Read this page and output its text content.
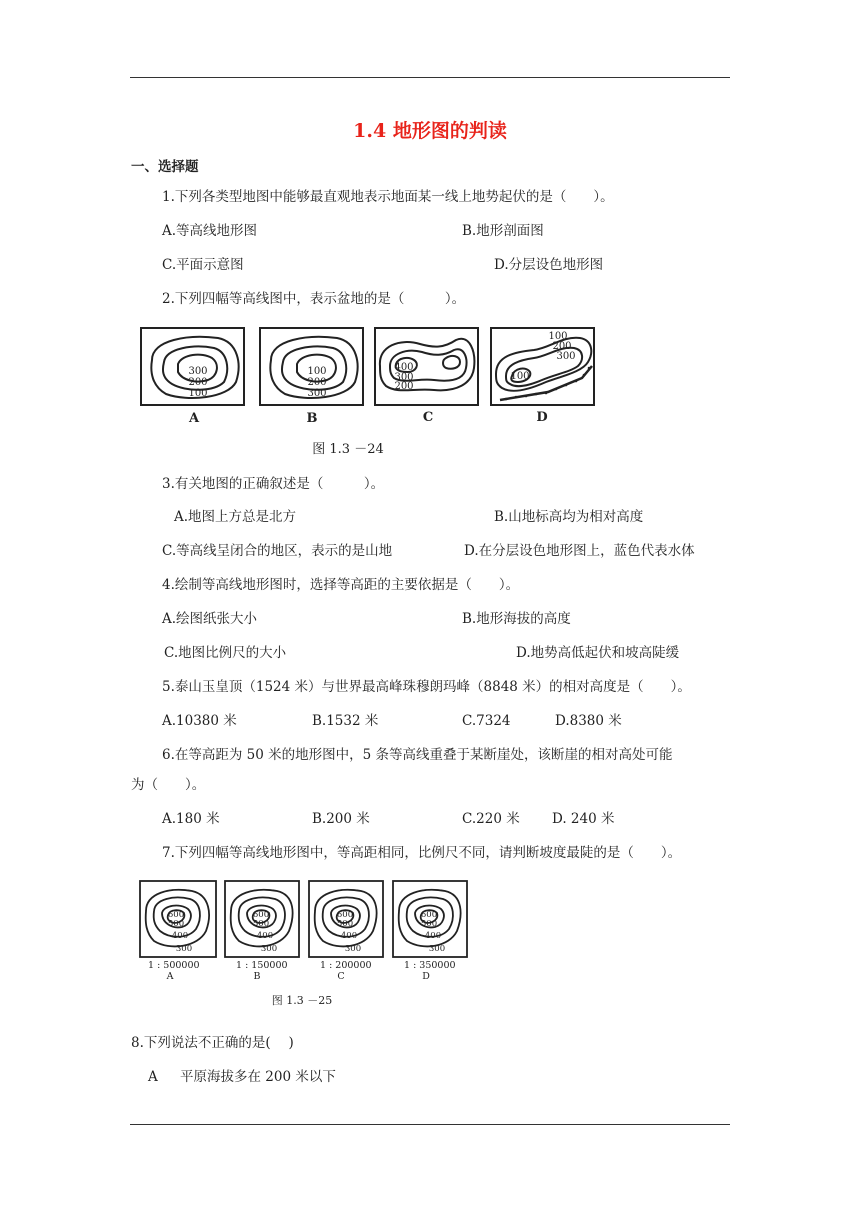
1.4 地形图的判读
一、选择题
1.下列各类型地图中能够最直观地表示地面某一线上地势起伏的是（　　）。
A.等高线地形图	B.地形剖面图
C.平面示意图	D.分层设色地形图
2.下列四幅等高线图中，表示盆地的是（　　　）。
300
200
100
100
200
300
400
300
200
100
200
300
100
A	B	C	D
图 1.3 －24
3.有关地图的正确叙述是（　　　）。
A.地图上方总是北方	B.山地标高均为相对高度
C.等高线呈闭合的地区，表示的是山地	D.在分层设色地形图上，蓝色代表水体
4.绘制等高线地形图时，选择等高距的主要依据是（　　）。
A.绘图纸张大小	B.地形海拔的高度
C.地图比例尺的大小	D.地势高低起伏和坡高陡缓
5.泰山玉皇顶（1524 米）与世界最高峰珠穆朗玛峰（8848 米）的相对高度是（　　）。
A.10380 米	B.1532 米	C.7324	D.8380 米
6.在等高距为 50 米的地形图中，5 条等高线重叠于某断崖处，该断崖的相对高处可能
为（　　）。
A.180 米	B.200 米	C.220 米 D. 240 米
7.下列四幅等高线地形图中，等高距相同，比例尺不同，请判断坡度最陡的是（　　）。
600
500
400
300
600
500
400
300
600
500
400
300
600
500
400
300
1 : 500000	1 : 150000	1 : 200000	1 : 350000
A	B	C	D
图 1.3 －25
8.下列说法不正确的是(　 )
A 平原海拔多在 200 米以下
